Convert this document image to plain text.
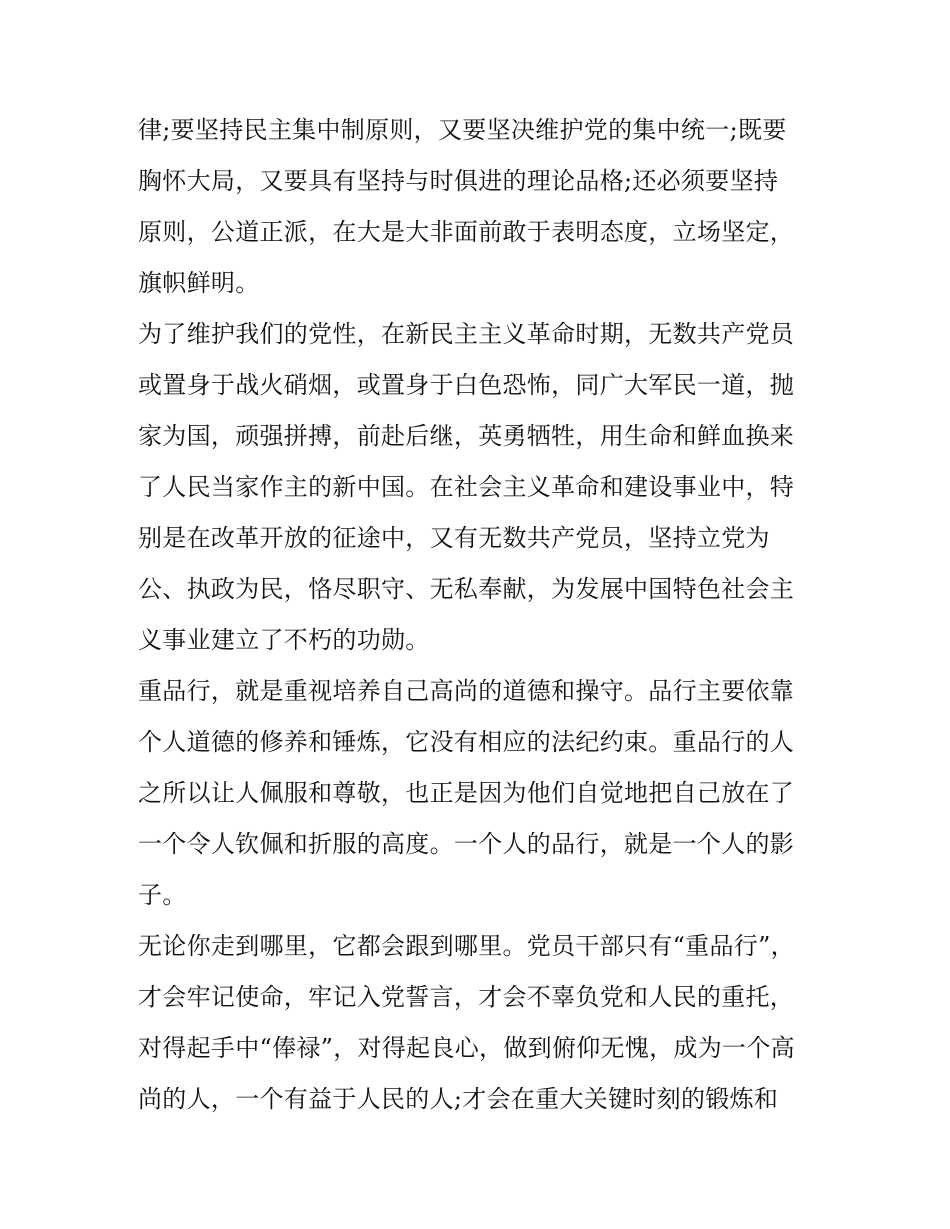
律;要坚持民主集中制原则，又要坚决维护党的集中统一;既要

胸怀大局，又要具有坚持与时俱进的理论品格;还必须要坚持

原则，公道正派，在大是大非面前敢于表明态度，立场坚定，

旗帜鲜明。

为了维护我们的党性，在新民主主义革命时期，无数共产党员

或置身于战火硝烟，或置身于白色恐怖，同广大军民一道，抛

家为国，顽强拼搏，前赴后继，英勇牺牲，用生命和鲜血换来

了人民当家作主的新中国。在社会主义革命和建设事业中，特

别是在改革开放的征途中，又有无数共产党员，坚持立党为

公、执政为民，恪尽职守、无私奉献，为发展中国特色社会主

义事业建立了不朽的功勋。

重品行，就是重视培养自己高尚的道德和操守。品行主要依靠

个人道德的修养和锤炼，它没有相应的法纪约束。重品行的人

之所以让人佩服和尊敬，也正是因为他们自觉地把自己放在了

一个令人钦佩和折服的高度。一个人的品行，就是一个人的影

子。

无论你走到哪里，它都会跟到哪里。党员干部只有“重品行”，

才会牢记使命，牢记入党誓言，才会不辜负党和人民的重托，

对得起手中“俸禄”，对得起良心，做到俯仰无愧，成为一个高

尚的人，一个有益于人民的人;才会在重大关键时刻的锻炼和
